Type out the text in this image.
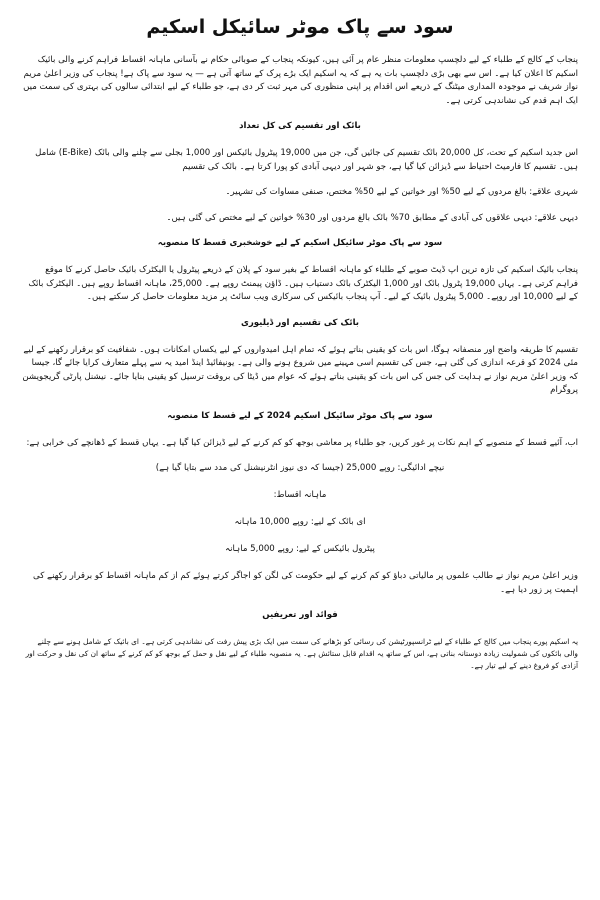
سود سے پاک موٹر سائیکل اسکیم

پنجاب کے کالج کے طلباء کے لیے دلچسپ معلومات منظر عام پر آئی ہیں، کیونکہ پنجاب کے صوبائی حکام نے بآسانی ماہانہ اقساط فراہم کرنے والی بائیک اسکیم کا اعلان کیا ہے۔ اس سے بھی بڑی دلچسپ بات یہ ہے کہ یہ اسکیم ایک بڑے پرک کے ساتھ آتی ہے — یہ سود سے پاک ہے! پنجاب کی وزیر اعلیٰ مریم نواز شریف نے موجودہ المداری میٹنگ کے ذریعے اس اقدام پر اپنی منظوری کی مہر ثبت کر دی ہے، جو طلباء کے لیے ابتدائی سالوں کی بہتری کی سمت میں ایک اہم قدم کی نشاندہی کرتی ہے۔

بائک اور تقسیم کی کل تعداد

اس جدید اسکیم کے تحت، کل 20,000 بائک تقسیم کی جائیں گی، جن میں 19,000 پیٹرول بائیکس اور 1,000 بجلی سے چلنے والی بائک (E-Bike) شامل ہیں۔ تقسیم کا فارمیٹ احتیاط سے ڈیزائن کیا گیا ہے، جو شہر اور دیہی آبادی کو پورا کرتا ہے۔ بائک کی تقسیم

شہری علاقے: بالغ مردوں کے لیے 50% اور خواتین کے لیے 50% مختص، صنفی مساوات کی تشہیر۔

دیہی علاقے: دیہی علاقوں کی آبادی کے مطابق 70% بائک بالغ مردوں اور 30% خواتین کے لیے مختص کی گئی ہیں۔

سود سے پاک موٹر سائیکل اسکیم کے لیے خوشخبری قسط کا منصوبہ

پنجاب بائیک اسکیم کی تازہ ترین اپ ڈیٹ صوبے کے طلباء کو ماہانہ اقساط کے بغیر سود کے پلان کے ذریعے پیٹرول یا الیکٹرک بائیک حاصل کرنے کا موقع فراہم کرتی ہے۔ یہاں 19,000 پٹرول بائک اور 1,000 الیکٹرک بائک دستیاب ہیں۔ ڈاؤن پیمنٹ روپے ہے۔ 25,000، ماہانہ اقساط روپے ہیں۔ الیکٹرک بائک کے لیے 10,000 اور روپے۔ 5,000 پیٹرول بائیک کے لیے۔ آپ پنجاب بائیکس کی سرکاری ویب سائٹ پر مزید معلومات حاصل کر سکتے ہیں۔

بائک کی تقسیم اور ڈیلیوری

تقسیم کا طریقہ واضح اور منصفانہ ہوگا، اس بات کو یقینی بناتے ہوئے کہ تمام اہل امیدواروں کے لیے یکساں امکانات ہوں۔ شفافیت کو برقرار رکھنے کے لیے مئی 2024 کو قرعہ اندازی کی گئی ہے، جس کی تقسیم اسی مہینے میں شروع ہونے والی ہے۔ یونیفائیڈ اینڈ امید یہ سے پہلے متعارف کرایا جائے گا، جیسا کہ وزیر اعلیٰ مریم نواز نے ہدایت کی جس کی اس بات کو یقینی بناتے ہوئے کہ عوام میں ڈیٹا کی بروقت ترسیل کو یقینی بنایا جائے۔ نیشنل پارٹی گریجویشن پروگرام

سود سے پاک موٹر سائیکل اسکیم 2024 کے لیے قسط کا منصوبہ

اب، آئیے قسط کے منصوبے کے اہم نکات پر غور کریں، جو طلباء پر معاشی بوجھ کو کم کرنے کے لیے ڈیزائن کیا گیا ہے۔ یہاں قسط کے ڈھانچے کی خرابی ہے:

نیچے ادائیگی: روپے 25,000 (جیسا کہ دی نیوز انٹرنیشنل کی مدد سے بتایا گیا ہے)
ماہانہ اقساط:
ای بائک کے لیے: روپے 10,000 ماہانہ
پیٹرول بائیکس کے لیے: روپے 5,000 ماہانہ

وزیر اعلیٰ مریم نواز نے طالب علموں پر مالیاتی دباؤ کو کم کرنے کے لیے حکومت کی لگن کو اجاگر کرتے ہوئے کم از کم ماہانہ اقساط کو برقرار رکھنے کی اہمیت پر زور دیا ہے۔

فوائد اور تعریفیں

یہ اسکیم پورے پنجاب میں کالج کے طلباء کے لیے ٹرانسپورٹیشن کی رسائی کو بڑھانے کی سمت میں ایک بڑی پیش رفت کی نشاندہی کرتی ہے۔ ای بائیک کے شامل ہونے سے چلنے والی بائکوں کی شمولیت زیادہ دوستانہ بناتی ہے، اس کے ساتھ یہ اقدام قابل ستائش ہے۔ یہ منصوبہ طلباء کے لیے نقل و حمل کے بوجھ کو کم کرنے کے ساتھ ان کی نقل و حرکت اور آزادی کو فروغ دینے کے لیے تیار ہے۔
